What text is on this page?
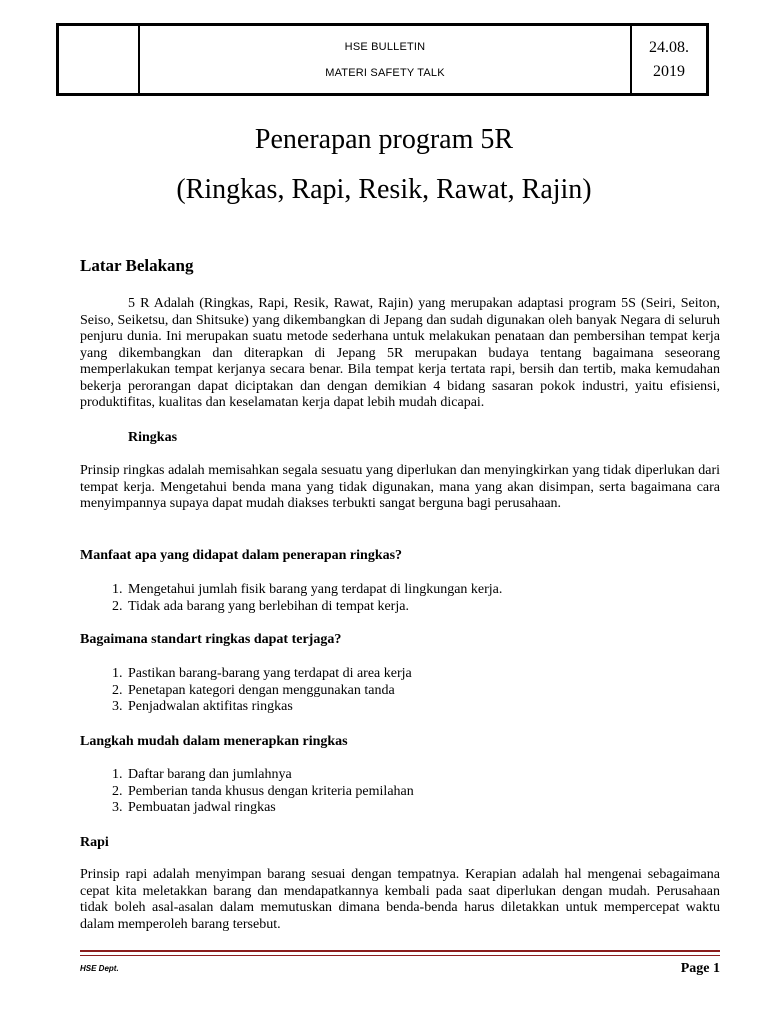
HSE BULLETIN
MATERI SAFETY TALK
24.08.
2019
Penerapan program 5R
(Ringkas, Rapi, Resik, Rawat, Rajin)
Latar Belakang

5 R Adalah (Ringkas, Rapi, Resik, Rawat, Rajin) yang merupakan adaptasi program 5S (Seiri, Seiton, Seiso, Seiketsu, dan Shitsuke) yang dikembangkan di Jepang dan sudah digunakan oleh banyak Negara di seluruh penjuru dunia. Ini merupakan suatu metode sederhana untuk melakukan penataan dan pembersihan tempat kerja yang dikembangkan dan diterapkan di Jepang 5R merupakan budaya tentang bagaimana seseorang memperlakukan tempat kerjanya secara benar. Bila tempat kerja tertata rapi, bersih dan tertib, maka kemudahan bekerja perorangan dapat diciptakan dan dengan demikian 4 bidang sasaran pokok industri, yaitu efisiensi, produktifitas, kualitas dan keselamatan kerja dapat lebih mudah dicapai.

Ringkas

Prinsip ringkas adalah memisahkan segala sesuatu yang diperlukan dan menyingkirkan yang tidak diperlukan dari tempat kerja. Mengetahui benda mana yang tidak digunakan, mana yang akan disimpan, serta bagaimana cara menyimpannya supaya dapat mudah diakses terbukti sangat berguna bagi perusahaan.

Manfaat apa yang didapat dalam penerapan ringkas?
1. Mengetahui jumlah fisik barang yang terdapat di lingkungan kerja.
2. Tidak ada barang yang berlebihan di tempat kerja.
Bagaimana standart ringkas dapat terjaga?
1. Pastikan barang-barang yang terdapat di area kerja
2. Penetapan kategori dengan menggunakan tanda
3. Penjadwalan aktifitas ringkas
Langkah mudah dalam menerapkan ringkas
1. Daftar barang dan jumlahnya
2. Pemberian tanda khusus dengan kriteria pemilahan
3. Pembuatan jadwal ringkas
Rapi

Prinsip rapi adalah menyimpan barang sesuai dengan tempatnya. Kerapian adalah hal mengenai sebagaimana cepat kita meletakkan barang dan mendapatkannya kembali pada saat diperlukan dengan mudah. Perusahaan tidak boleh asal-asalan dalam memutuskan dimana benda-benda harus diletakkan untuk mempercepat waktu dalam memperoleh barang tersebut.

HSE Dept.	Page 1
